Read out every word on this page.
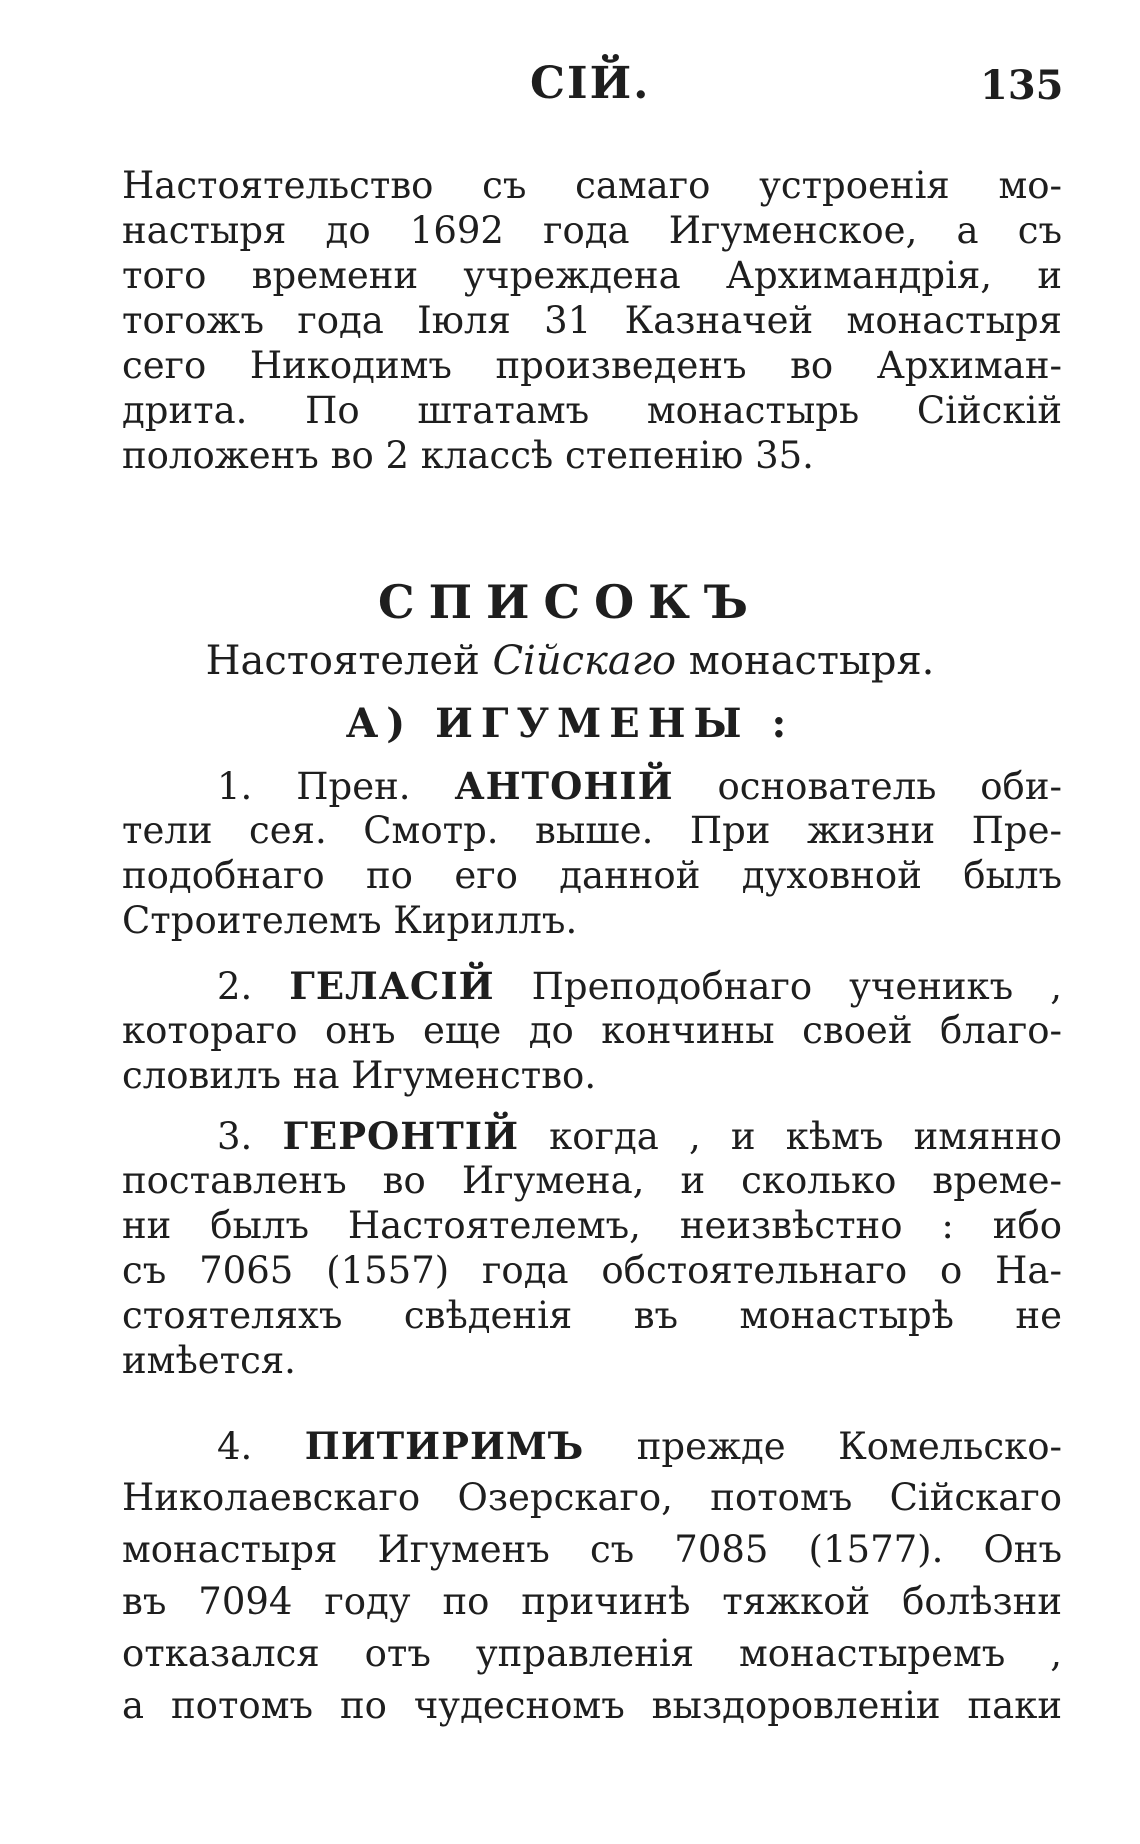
СІЙ.	135
Настоятельство съ самаго устроенія мо-
настыря до 1692 года Игуменское, а съ
того времени учреждена Архимандрія, и
тогожъ года Іюля 31 Казначей монастыря
сего Никодимъ произведенъ во Архиман-
дрита. По штатамъ монастырь Сійскій
положенъ во 2 классѣ степенію 35.
СПИСОКЪ
Настоятелей Сійскаго монастыря.
А) ИГУМЕНЫ :
1. Прен. АНТОНІЙ основатель оби-
тели сея. Смотр. выше. При жизни Пре-
подобнаго по его данной духовной былъ
Строителемъ Кириллъ.
2. ГЕЛАСІЙ Преподобнаго ученикъ ,
котораго онъ еще до кончины своей благо-
словилъ на Игуменство.
3. ГЕРОНТІЙ когда , и кѣмъ имянно
поставленъ во Игумена, и сколько време-
ни былъ Настоятелемъ, неизвѣстно : ибо
съ 7065 (1557) года обстоятельнаго о На-
стоятеляхъ свѣденія въ монастырѣ не
имѣется.
4. ПИТИРИМЪ прежде Комельско-
Николаевскаго Озерскаго, потомъ Сійскаго
монастыря Игуменъ съ 7085 (1577). Онъ
въ 7094 году по причинѣ тяжкой болѣзни
отказался отъ управленія монастыремъ ,
а потомъ по чудесномъ выздоровленіи паки
